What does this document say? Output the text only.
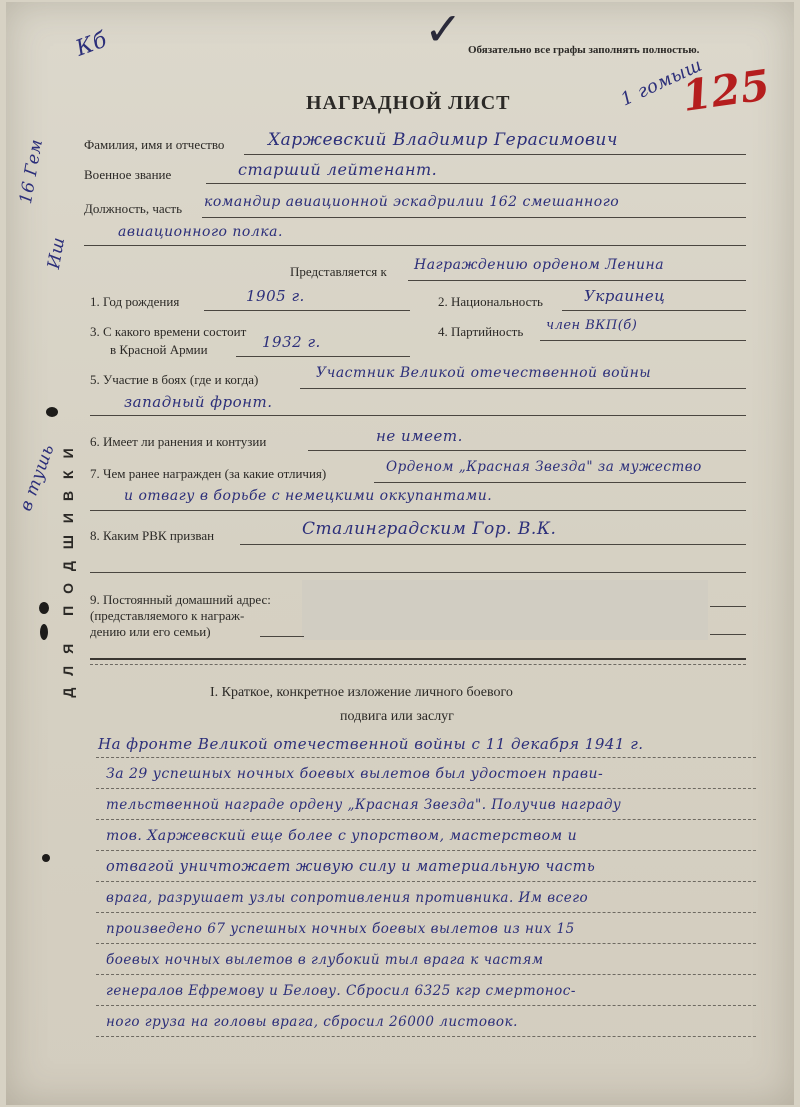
Обязательно все графы заполнять полностью.
✓
НАГРАДНОЙ ЛИСТ
Кб
16 Гем
Иш
в тушь
1 гомыш
125
ДЛЯ ПОДШИВКИ
Фамилия, имя и отчество	Харжевский Владимир Герасимович
Военное звание	старший лейтенант.
Должность, часть командир авиационной эскадрилии 162 смешанного
авиационного полка.
Представляется к Награждению орденом Ленина
1. Год рождения	1905 г.	2. Национальность	Украинец
3. С какого времени состоит
в Красной Армии	1932 г.
4. Партийность член ВКП(б)
5. Участие в боях (где и когда)	Участник Великой отечественной войны
западный фронт.
6. Имеет ли ранения и контузии	не имеет.
7. Чем ранее награжден (за какие отличия)	Орденом „Красная Звезда" за мужество
и отвагу в борьбе с немецкими оккупантами.
8. Каким РВК призван	Сталинградским Гор. В.К.
9. Постоянный домашний адрес:
(представляемого к награж-
дению или его семьи)
I. Краткое, конкретное изложение личного боевого
подвига или заслуг
На фронте Великой отечественной войны с 11 декабря 1941 г.
За 29 успешных ночных боевых вылетов был удостоен прави-
тельственной награде ордену „Красная Звезда". Получив награду
тов. Харжевский еще более с упорством, мастерством и
отвагой уничтожает живую силу и материальную часть
врага, разрушает узлы сопротивления противника. Им всего
произведено 67 успешных ночных боевых вылетов из них 15
боевых ночных вылетов в глубокий тыл врага к частям
генералов Ефремову и Белову. Сбросил 6325 кгр смертонос-
ного груза на головы врага, сбросил 26000 листовок.
